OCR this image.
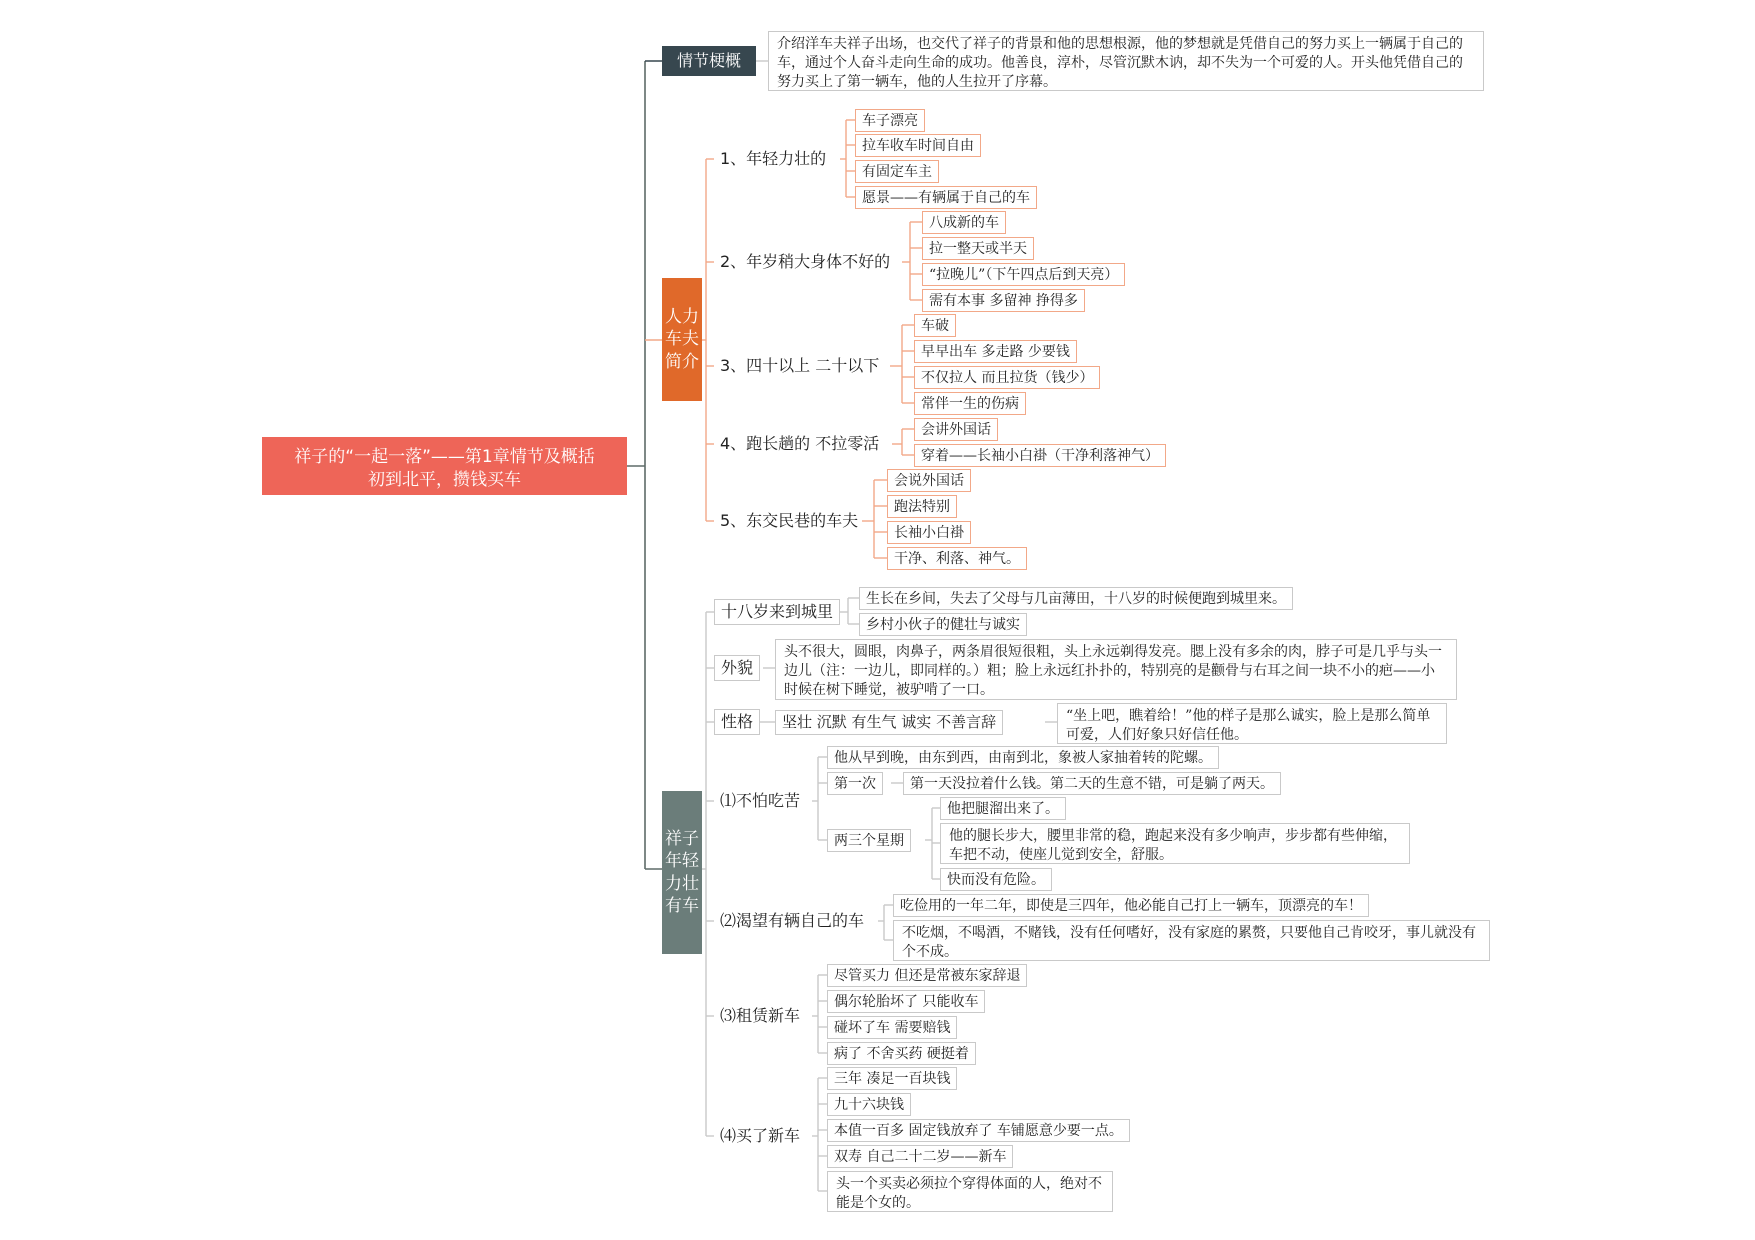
祥子的“一起一落”——第1章情节及概括
初到北平，攒钱买车
情节梗概
介绍洋车夫祥子出场，也交代了祥子的背景和他的思想根源，他的梦想就是凭借自己的努力买上一辆属于自己的车，通过个人奋斗走向生命的成功。他善良，淳朴，尽管沉默木讷，却不失为一个可爱的人。开头他凭借自己的努力买上了第一辆车，他的人生拉开了序幕。
人力车夫简介
1、年轻力壮的
车子漂亮
拉车收车时间自由
有固定车主
愿景——有辆属于自己的车
2、年岁稍大身体不好的
八成新的车
拉一整天或半天
“拉晚儿”（下午四点后到天亮）
需有本事 多留神 挣得多
3、四十以上 二十以下
车破
早早出车 多走路 少要钱
不仅拉人 而且拉货（钱少）
常伴一生的伤病
4、跑长趟的 不拉零活
会讲外国话
穿着——长袖小白褂（干净利落神气）
5、东交民巷的车夫
会说外国话
跑法特别
长袖小白褂
干净、利落、神气。
祥子年轻力壮有车
十八岁来到城里
生长在乡间，失去了父母与几亩薄田，十八岁的时候便跑到城里来。
乡村小伙子的健壮与诚实
外貌
头不很大，圆眼，肉鼻子，两条眉很短很粗，头上永远剃得发亮。腮上没有多余的肉，脖子可是几乎与头一边儿（注：一边儿，即同样的。）粗；脸上永远红扑扑的，特别亮的是颧骨与右耳之间一块不小的疤——小时候在树下睡觉，被驴啃了一口。
性格	坚壮 沉默 有生气 诚实 不善言辞	“坐上吧，瞧着给！”他的样子是那么诚实，脸上是那么简单可爱，人们好象只好信任他。
⑴不怕吃苦
他从早到晚，由东到西，由南到北，象被人家抽着转的陀螺。
第一次	第一天没拉着什么钱。第二天的生意不错，可是躺了两天。
两三个星期
他把腿溜出来了。
他的腿长步大，腰里非常的稳，跑起来没有多少响声，步步都有些伸缩，车把不动，使座儿觉到安全，舒服。
快而没有危险。
⑵渴望有辆自己的车
吃俭用的一年二年，即使是三四年，他必能自己打上一辆车，顶漂亮的车！
不吃烟，不喝酒，不赌钱，没有任何嗜好，没有家庭的累赘，只要他自己肯咬牙，事儿就没有个不成。
⑶租赁新车
尽管买力 但还是常被东家辞退
偶尔轮胎坏了 只能收车
碰坏了车 需要赔钱
病了 不舍买药 硬挺着
⑷买了新车
三年 凑足一百块钱
九十六块钱
本值一百多 固定钱放弃了 车铺愿意少要一点。
双寿 自己二十二岁——新车
头一个买卖必须拉个穿得体面的人，绝对不能是个女的。
